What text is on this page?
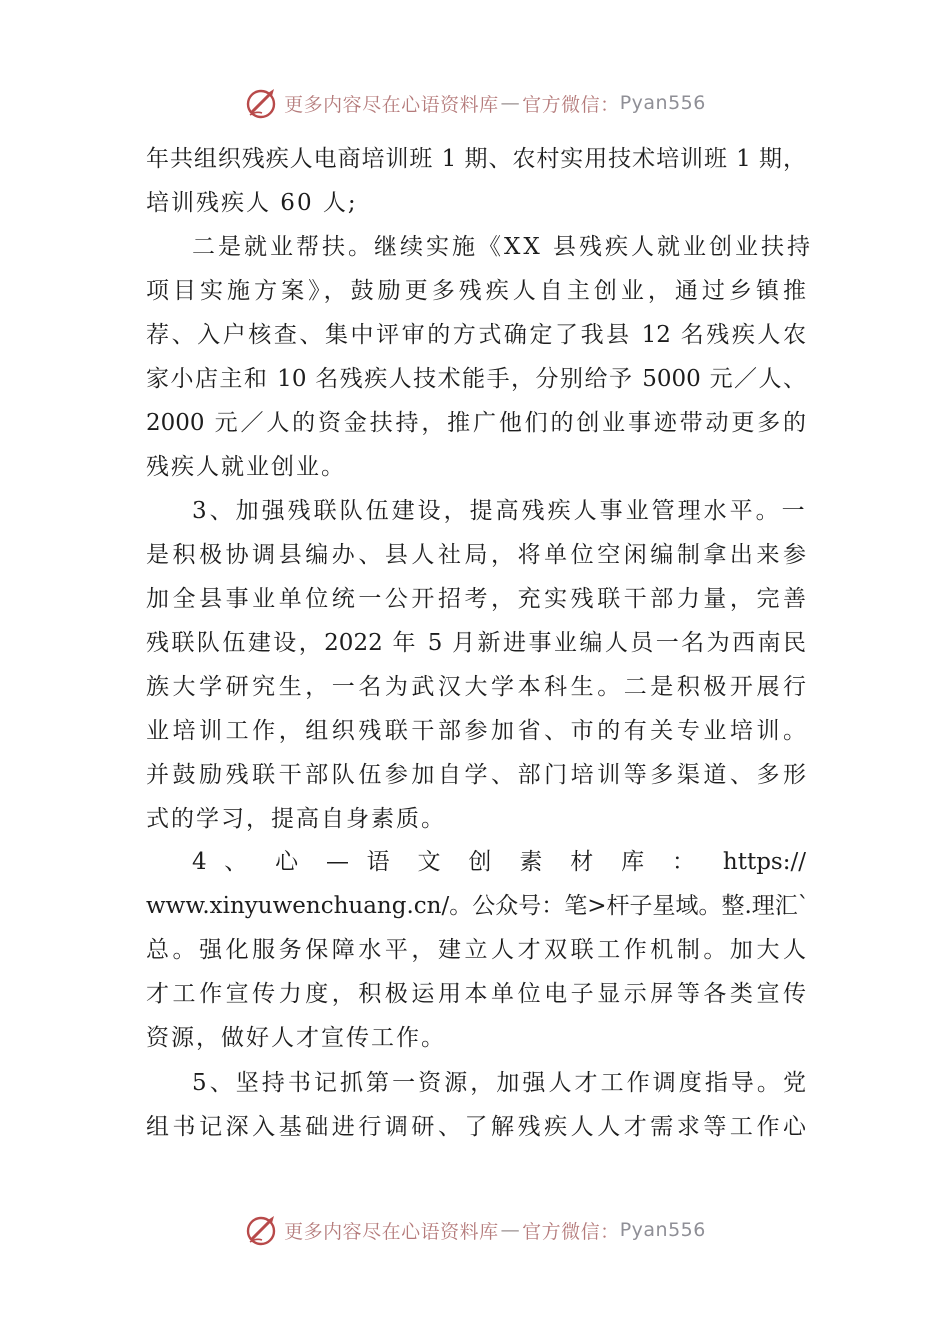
更多内容尽在心语资料库 — 官方微信： Pyan556
年共组织残疾人电商培训班 1 期、农村实用技术培训班 1 期，
培训残疾人 60 人;
二是就业帮扶。继续实施《XX 县残疾人就业创业扶持
项目实施方案》，鼓励更多残疾人自主创业，通过乡镇推
荐、入户核查、集中评审的方式确定了我县 12 名残疾人农
家小店主和 10 名残疾人技术能手，分别给予 5000 元／人、
2000 元／人的资金扶持，推广他们的创业事迹带动更多的
残疾人就业创业。
3、加强残联队伍建设，提高残疾人事业管理水平。一
是积极协调县编办、县人社局，将单位空闲编制拿出来参
加全县事业单位统一公开招考，充实残联干部力量，完善
残联队伍建设，2022 年 5 月新进事业编人员一名为西南民
族大学研究生，一名为武汉大学本科生。二是积极开展行
业培训工作，组织残联干部参加省、市的有关专业培训。
并鼓励残联干部队伍参加自学、部门培训等多渠道、多形
式的学习，提高自身素质。
4 、 心 — 语 文 创 素 材 库 ： https://
www.xinyuwenchuang.cn/。公众号：笔>杆子星域。整.理汇`
总。强化服务保障水平，建立人才双联工作机制。加大人
才工作宣传力度，积极运用本单位电子显示屏等各类宣传
资源，做好人才宣传工作。
5、坚持书记抓第一资源，加强人才工作调度指导。党
组书记深入基础进行调研、了解残疾人人才需求等工作心
更多内容尽在心语资料库 — 官方微信： Pyan556
